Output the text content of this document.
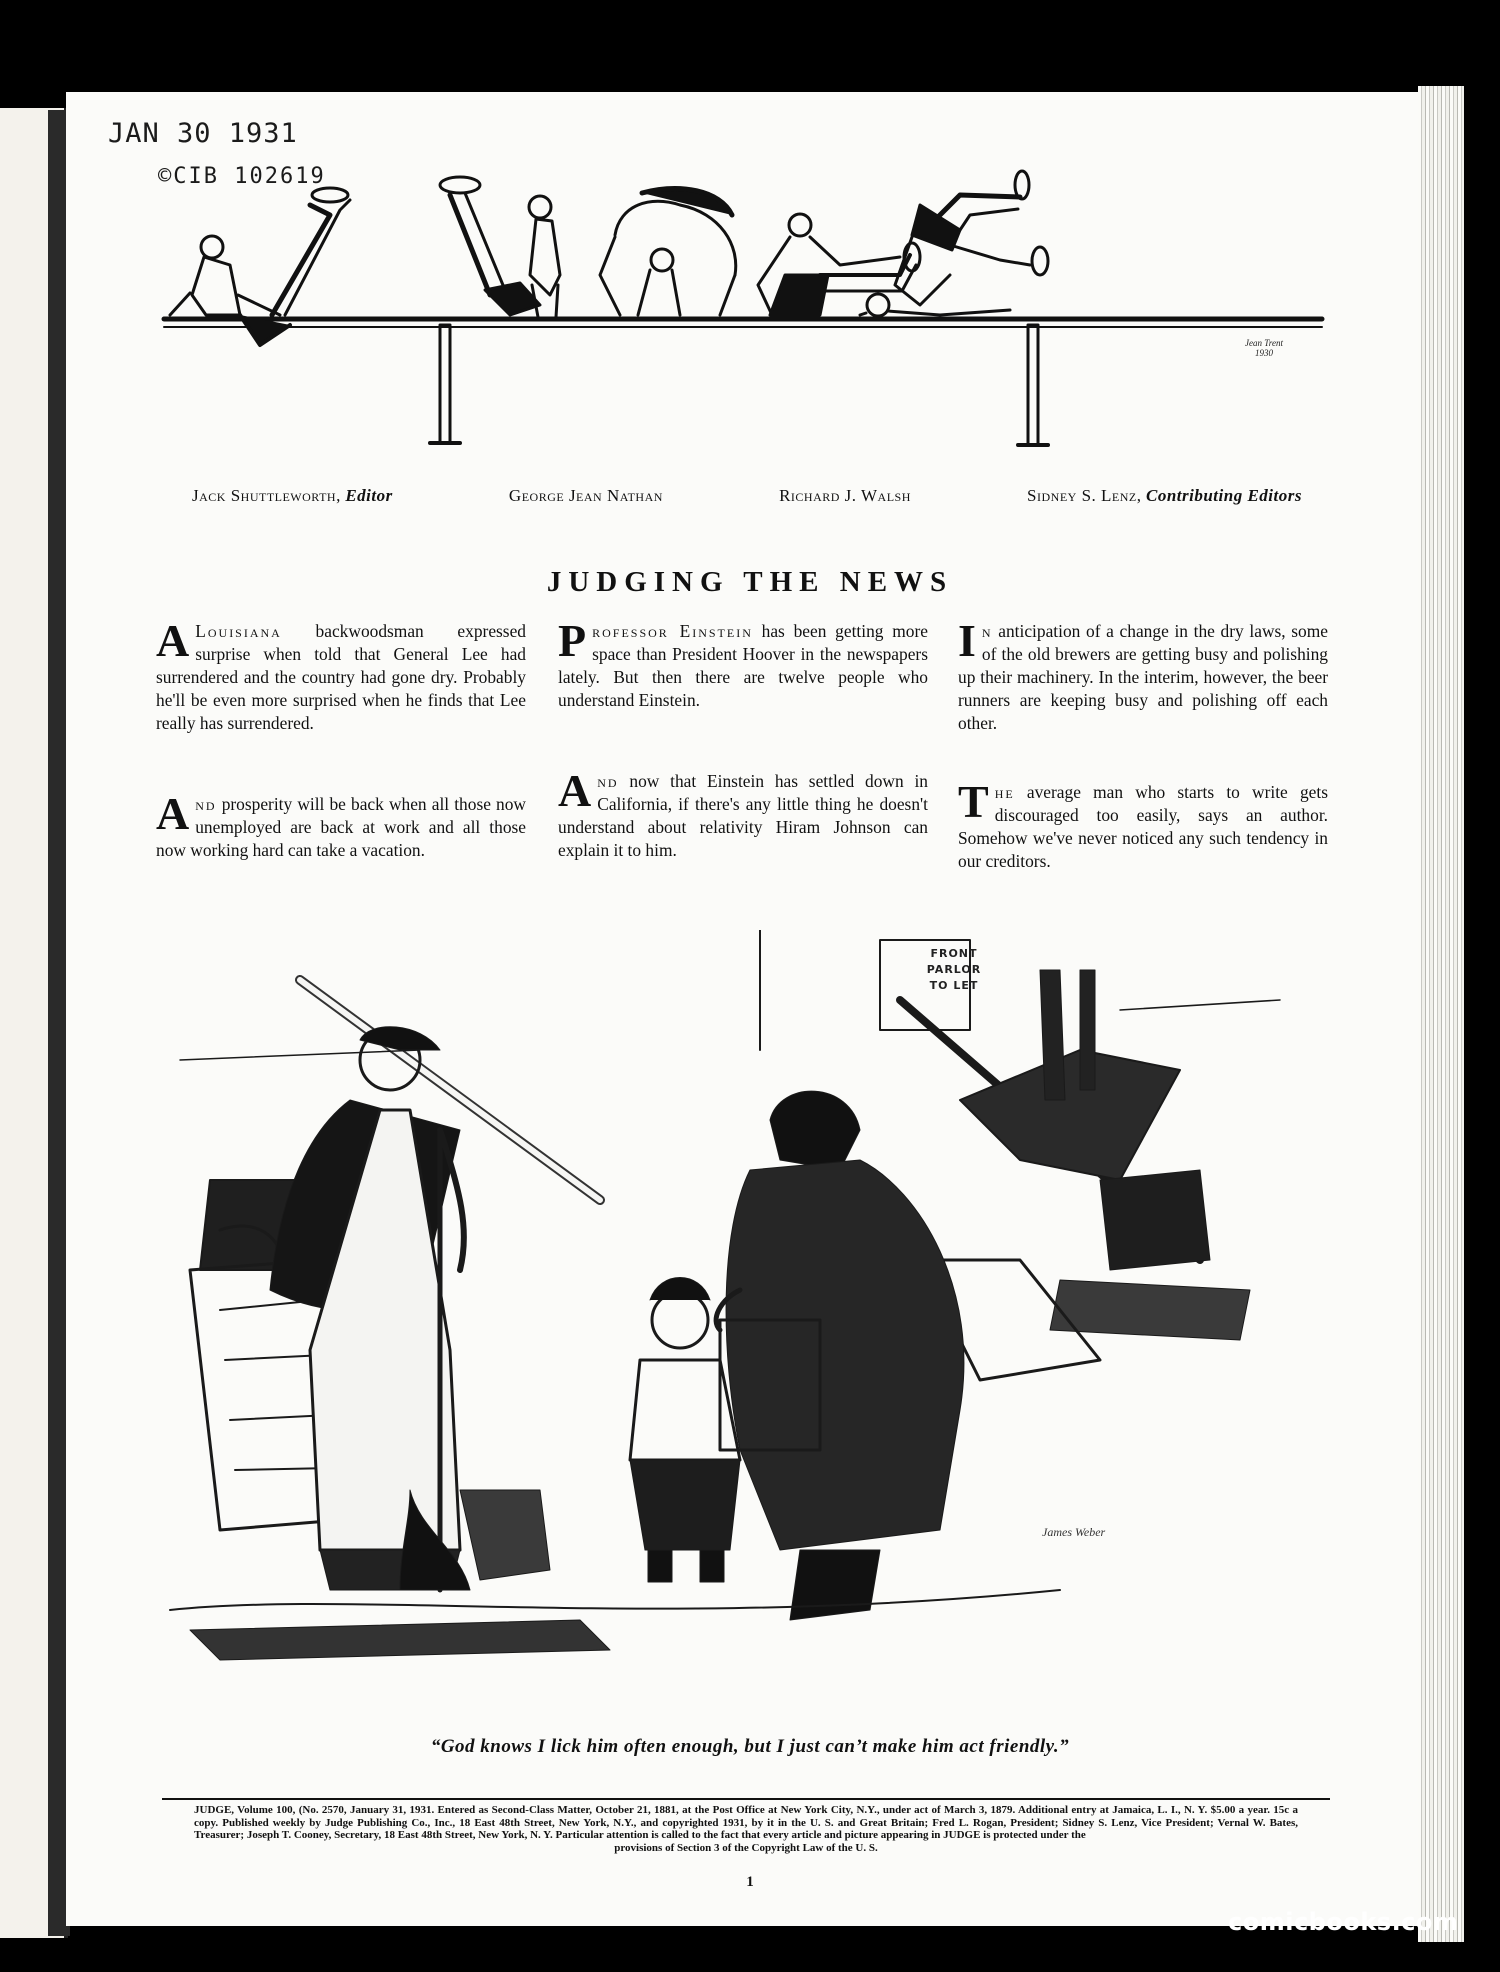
JAN 30 1931
©CIB 102619
Jean Trent 1930
Jack Shuttleworth, Editor	George Jean Nathan	Richard J. Walsh	Sidney S. Lenz, Contributing Editors
JUDGING THE NEWS

A Louisiana backwoodsman expressed surprise when told that General Lee had surrendered and the country had gone dry. Probably he'll be even more surprised when he finds that Lee really has surrendered.

And prosperity will be back when all those now unemployed are back at work and all those now working hard can take a vacation.

Professor Einstein has been getting more space than President Hoover in the newspapers lately. But then there are twelve people who understand Einstein.

And now that Einstein has settled down in California, if there's any little thing he doesn't understand about relativity Hiram Johnson can explain it to him.

In anticipation of a change in the dry laws, some of the old brewers are getting busy and polishing up their machinery. In the interim, however, the beer runners are keeping busy and polishing off each other.

The average man who starts to write gets discouraged too easily, says an author. Somehow we've never noticed any such tendency in our creditors.

FRONT PARLOR TO LET
James Weber
“God knows I lick him often enough, but I just can’t make him act friendly.”
JUDGE, Volume 100, (No. 2570, January 31, 1931. Entered as Second-Class Matter, October 21, 1881, at the Post Office at New York City, N.Y., under act of March 3, 1879. Additional entry at Jamaica, L. I., N. Y. $5.00 a year. 15c a copy. Published weekly by Judge Publishing Co., Inc., 18 East 48th Street, New York, N.Y., and copyrighted 1931, by it in the U. S. and Great Britain; Fred L. Rogan, President; Sidney S. Lenz, Vice President; Vernal W. Bates, Treasurer; Joseph T. Cooney, Secretary, 18 East 48th Street, New York, N. Y. Particular attention is called to the fact that every article and picture appearing in JUDGE is protected under the
provisions of Section 3 of the Copyright Law of the U. S.
1
comicbooks.com
